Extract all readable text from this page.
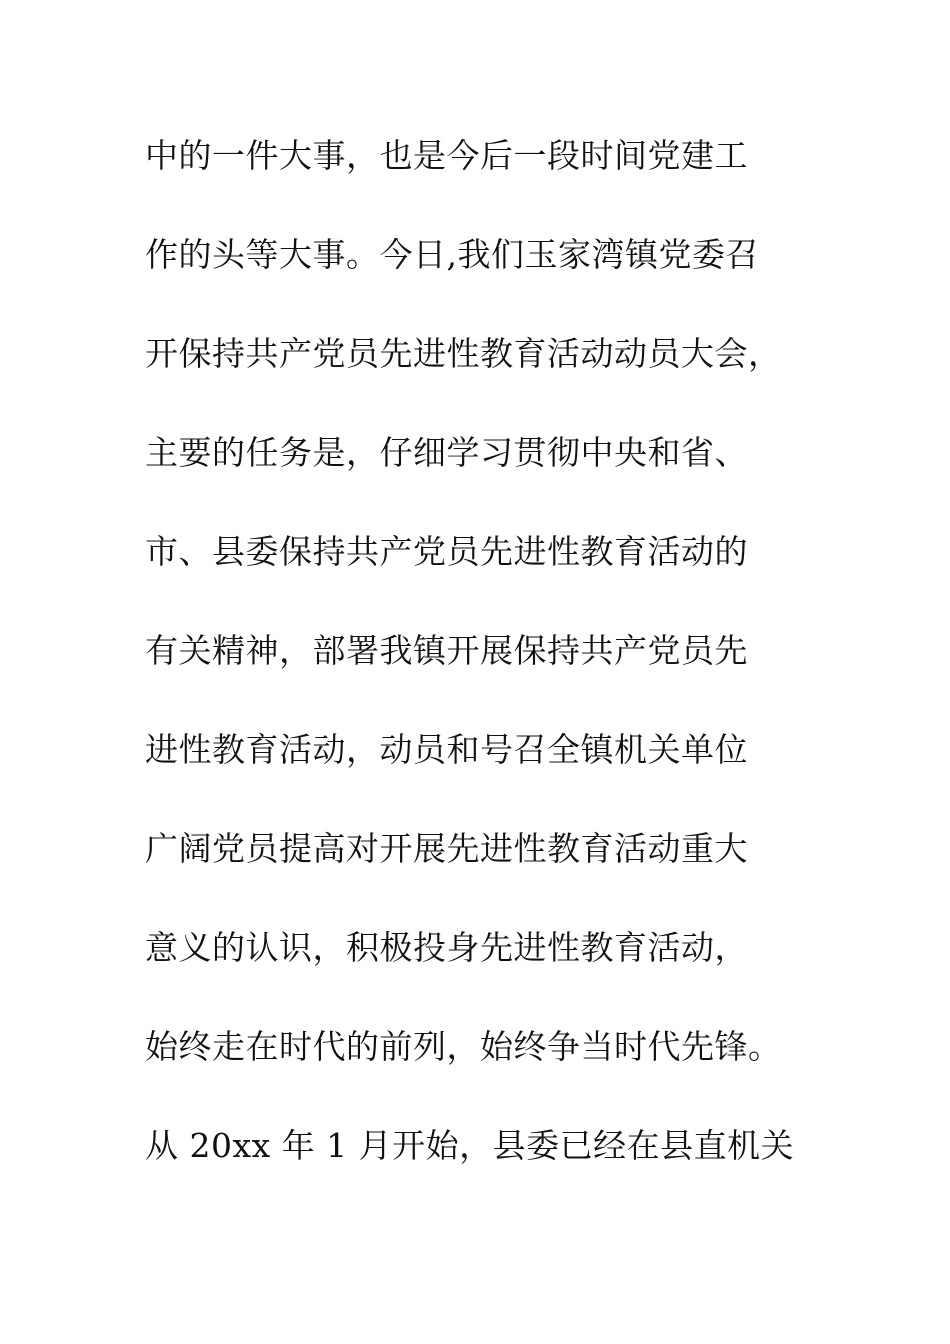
中的一件大事，也是今后一段时间党建工
作的头等大事。今日,我们玉家湾镇党委召
开保持共产党员先进性教育活动动员大会，
主要的任务是，仔细学习贯彻中央和省、
市、县委保持共产党员先进性教育活动的
有关精神，部署我镇开展保持共产党员先
进性教育活动，动员和号召全镇机关单位
广阔党员提高对开展先进性教育活动重大
意义的认识，积极投身先进性教育活动，
始终走在时代的前列，始终争当时代先锋。
从 20xx 年 1 月开始，县委已经在县直机关
